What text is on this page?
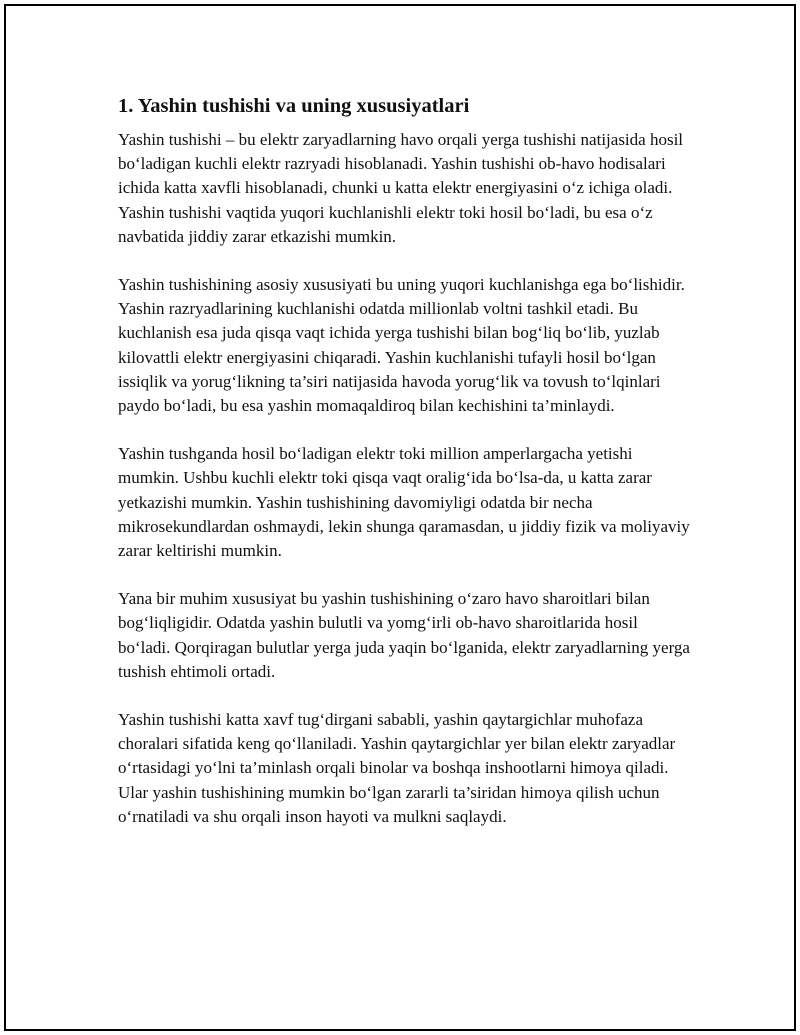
1. Yashin tushishi va uning xususiyatlari

Yashin tushishi – bu elektr zaryadlarning havo orqali yerga tushishi natijasida hosil bo‘ladigan kuchli elektr razryadi hisoblanadi. Yashin tushishi ob-havo hodisalari ichida katta xavfli hisoblanadi, chunki u katta elektr energiyasini o‘z ichiga oladi. Yashin tushishi vaqtida yuqori kuchlanishli elektr toki hosil bo‘ladi, bu esa o‘z navbatida jiddiy zarar etkazishi mumkin.

Yashin tushishining asosiy xususiyati bu uning yuqori kuchlanishga ega bo‘lishidir. Yashin razryadlarining kuchlanishi odatda millionlab voltni tashkil etadi. Bu kuchlanish esa juda qisqa vaqt ichida yerga tushishi bilan bog‘liq bo‘lib, yuzlab kilovattli elektr energiyasini chiqaradi. Yashin kuchlanishi tufayli hosil bo‘lgan issiqlik va yorug‘likning ta’siri natijasida havoda yorug‘lik va tovush to‘lqinlari paydo bo‘ladi, bu esa yashin momaqaldiroq bilan kechishini ta’minlaydi.

Yashin tushganda hosil bo‘ladigan elektr toki million amperlargacha yetishi mumkin. Ushbu kuchli elektr toki qisqa vaqt oralig‘ida bo‘lsa-da, u katta zarar yetkazishi mumkin. Yashin tushishining davomiyligi odatda bir necha mikrosekundlardan oshmaydi, lekin shunga qaramasdan, u jiddiy fizik va moliyaviy zarar keltirishi mumkin.

Yana bir muhim xususiyat bu yashin tushishining o‘zaro havo sharoitlari bilan bog‘liqligidir. Odatda yashin bulutli va yomg‘irli ob-havo sharoitlarida hosil bo‘ladi. Qorqiragan bulutlar yerga juda yaqin bo‘lganida, elektr zaryadlarning yerga tushish ehtimoli ortadi.

Yashin tushishi katta xavf tug‘dirgani sababli, yashin qaytargichlar muhofaza choralari sifatida keng qo‘llaniladi. Yashin qaytargichlar yer bilan elektr zaryadlar o‘rtasidagi yo‘lni ta’minlash orqali binolar va boshqa inshootlarni himoya qiladi. Ular yashin tushishining mumkin bo‘lgan zararli ta’siridan himoya qilish uchun o‘rnatiladi va shu orqali inson hayoti va mulkni saqlaydi.
